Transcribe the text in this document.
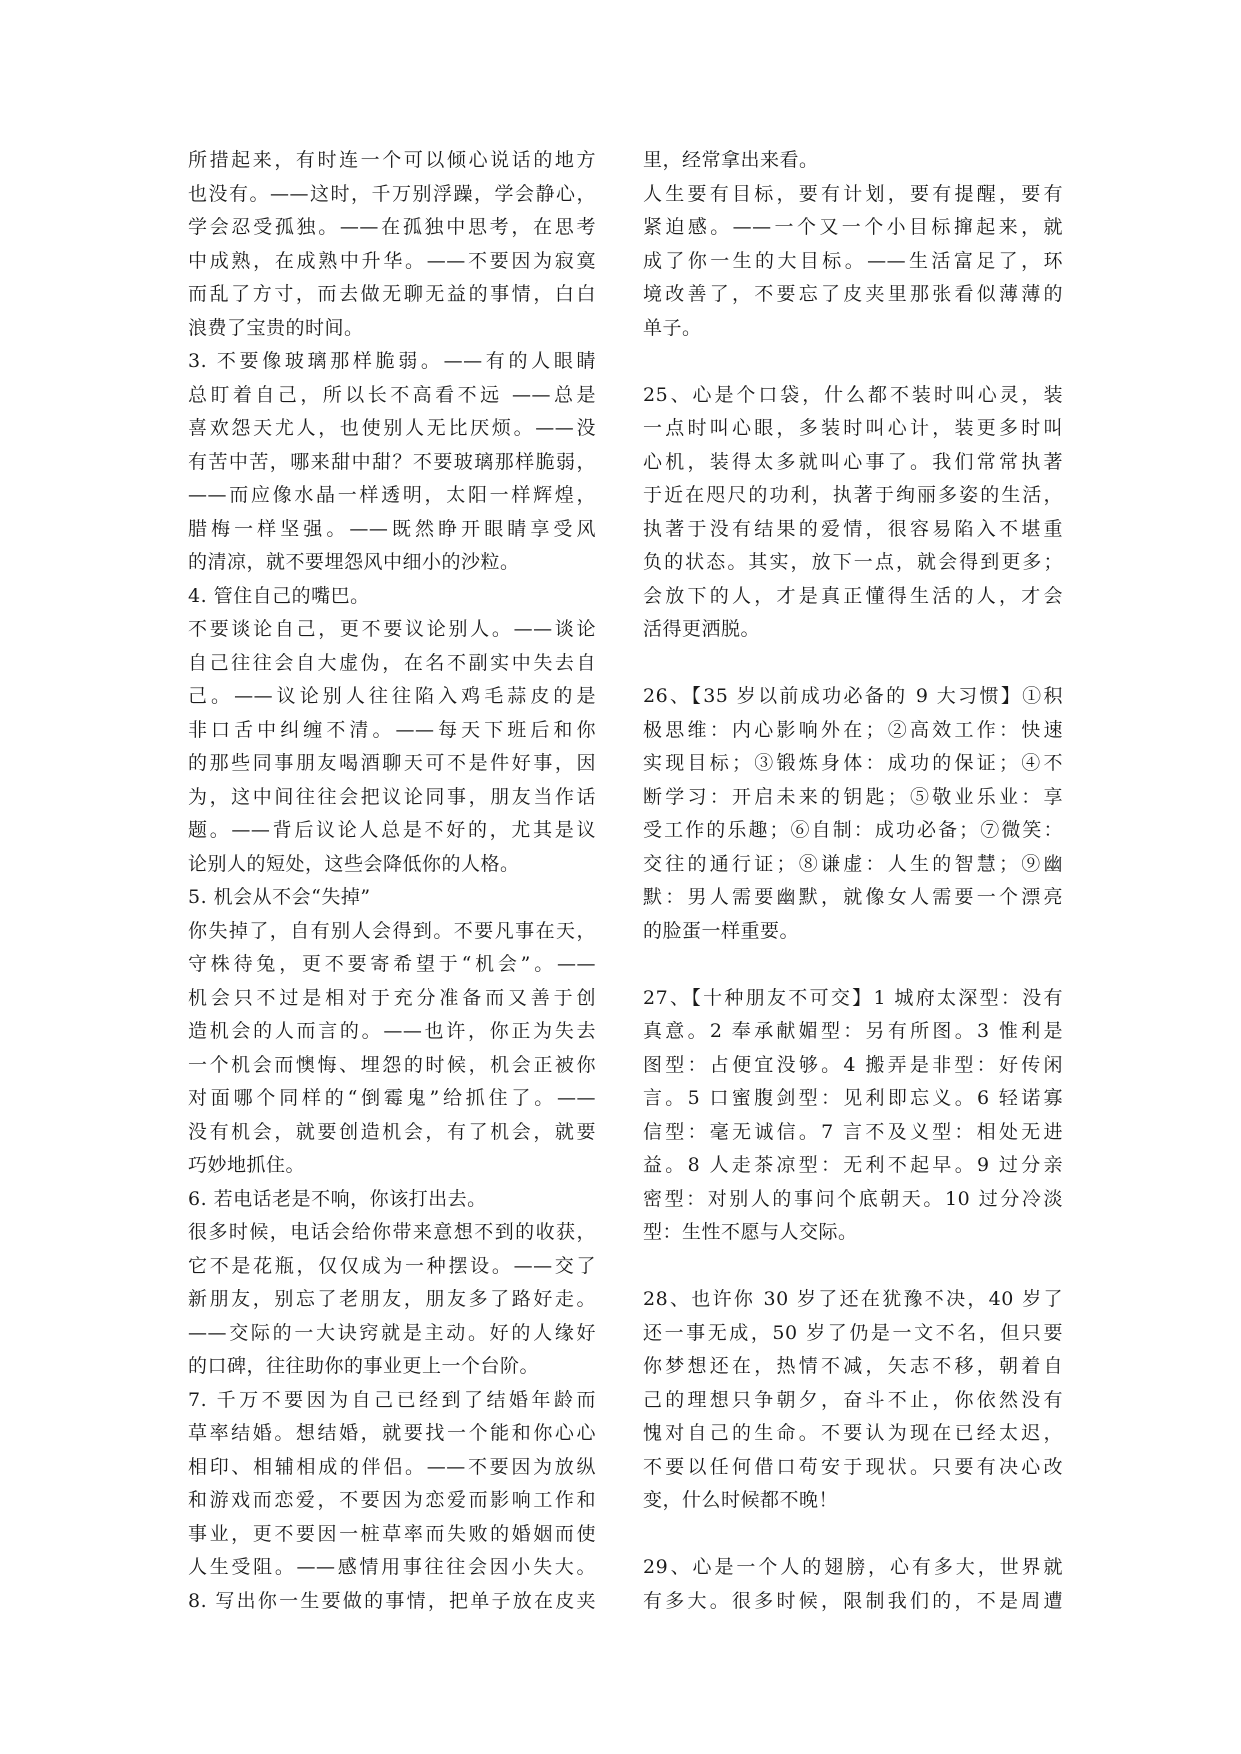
所措起来，有时连一个可以倾心说话的地方
也没有。——这时，千万别浮躁，学会静心，
学会忍受孤独。——在孤独中思考，在思考
中成熟，在成熟中升华。——不要因为寂寞
而乱了方寸，而去做无聊无益的事情，白白
浪费了宝贵的时间。
3. 不要像玻璃那样脆弱。——有的人眼睛
总盯着自己，所以长不高看不远 ——总是
喜欢怨天尤人，也使别人无比厌烦。——没
有苦中苦，哪来甜中甜？不要玻璃那样脆弱，
——而应像水晶一样透明，太阳一样辉煌，
腊梅一样坚强。——既然睁开眼睛享受风
的清凉，就不要埋怨风中细小的沙粒。
4. 管住自己的嘴巴。
不要谈论自己，更不要议论别人。——谈论
自己往往会自大虚伪，在名不副实中失去自
己。——议论别人往往陷入鸡毛蒜皮的是
非口舌中纠缠不清。——每天下班后和你
的那些同事朋友喝酒聊天可不是件好事，因
为，这中间往往会把议论同事，朋友当作话
题。——背后议论人总是不好的，尤其是议
论别人的短处，这些会降低你的人格。
5. 机会从不会“失掉”
你失掉了，自有别人会得到。不要凡事在天，
守株待兔，更不要寄希望于“机会”。——
机会只不过是相对于充分准备而又善于创
造机会的人而言的。——也许，你正为失去
一个机会而懊悔、埋怨的时候，机会正被你
对面哪个同样的“倒霉鬼”给抓住了。——
没有机会，就要创造机会，有了机会，就要
巧妙地抓住。
6. 若电话老是不响，你该打出去。
很多时候，电话会给你带来意想不到的收获，
它不是花瓶，仅仅成为一种摆设。——交了
新朋友，别忘了老朋友，朋友多了路好走。
——交际的一大诀窍就是主动。好的人缘好
的口碑，往往助你的事业更上一个台阶。
7. 千万不要因为自己已经到了结婚年龄而
草率结婚。想结婚，就要找一个能和你心心
相印、相辅相成的伴侣。——不要因为放纵
和游戏而恋爱，不要因为恋爱而影响工作和
事业，更不要因一桩草率而失败的婚姻而使
人生受阻。——感情用事往往会因小失大。
8. 写出你一生要做的事情，把单子放在皮夹
里，经常拿出来看。
人生要有目标，要有计划，要有提醒，要有
紧迫感。——一个又一个小目标撺起来，就
成了你一生的大目标。——生活富足了，环
境改善了，不要忘了皮夹里那张看似薄薄的
单子。
25、心是个口袋，什么都不装时叫心灵，装
一点时叫心眼，多装时叫心计，装更多时叫
心机，装得太多就叫心事了。我们常常执著
于近在咫尺的功利，执著于绚丽多姿的生活，
执著于没有结果的爱情，很容易陷入不堪重
负的状态。其实，放下一点，就会得到更多；
会放下的人，才是真正懂得生活的人，才会
活得更洒脱。
26、【35 岁以前成功必备的 9 大习惯】①积
极思维：内心影响外在；②高效工作：快速
实现目标；③锻炼身体：成功的保证；④不
断学习：开启未来的钥匙；⑤敬业乐业：享
受工作的乐趣；⑥自制：成功必备；⑦微笑：
交往的通行证；⑧谦虚：人生的智慧；⑨幽
默：男人需要幽默，就像女人需要一个漂亮
的脸蛋一样重要。
27、【十种朋友不可交】1 城府太深型：没有
真意。2 奉承献媚型：另有所图。3 惟利是
图型：占便宜没够。4 搬弄是非型：好传闲
言。5 口蜜腹剑型：见利即忘义。6 轻诺寡
信型：毫无诚信。7 言不及义型：相处无进
益。8 人走茶凉型：无利不起早。9 过分亲
密型：对别人的事问个底朝天。10 过分冷淡
型：生性不愿与人交际。
28、也许你 30 岁了还在犹豫不决，40 岁了
还一事无成，50 岁了仍是一文不名，但只要
你梦想还在，热情不减，矢志不移，朝着自
己的理想只争朝夕，奋斗不止，你依然没有
愧对自己的生命。不要认为现在已经太迟，
不要以任何借口苟安于现状。只要有决心改
变，什么时候都不晚！
29、心是一个人的翅膀，心有多大，世界就
有多大。很多时候，限制我们的，不是周遭
